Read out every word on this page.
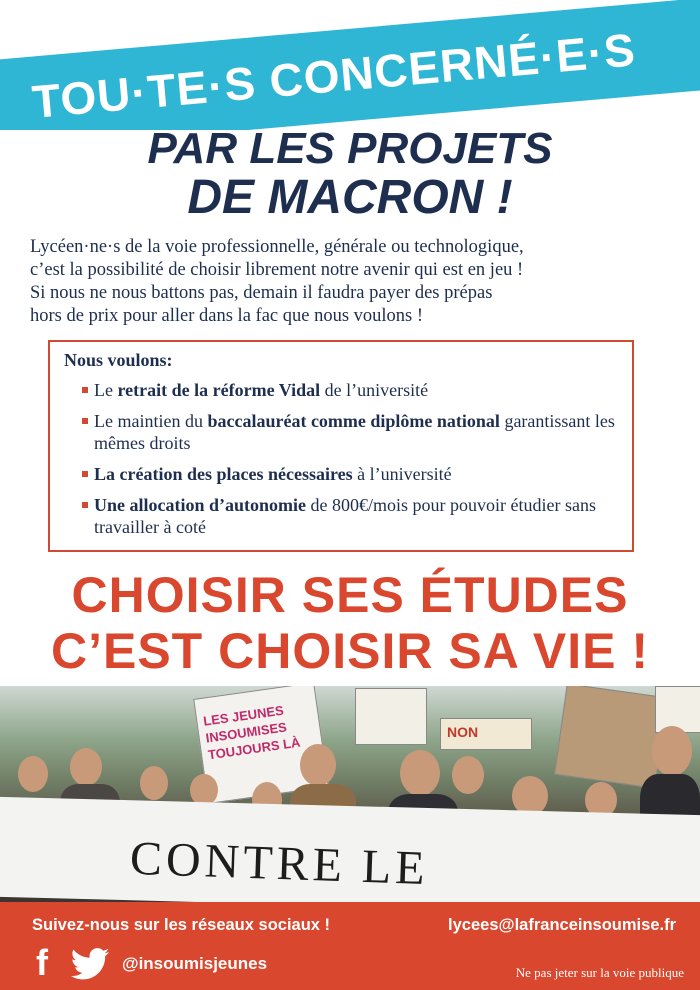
TOU·TE·S CONCERNÉ·E·S
PAR LES PROJETS
DE MACRON !

Lycéen·ne·s de la voie professionnelle, générale ou technologique,

c’est la possibilité de choisir librement notre avenir qui est en jeu !

Si nous ne nous battons pas, demain il faudra payer des prépas

hors de prix pour aller dans la fac que nous voulons !

Nous voulons:
Le retrait de la réforme Vidal de l’université
Le maintien du baccalauréat comme diplôme national garantissant les mêmes droits
La création des places nécessaires à l’université
Une allocation d’autonomie de 800€/mois pour pouvoir étudier sans travailler à coté
CHOISIR SES ÉTUDES
C’EST CHOISIR SA VIE !
LES JEUNES INSOUMISES TOUJOURS LÀ
NON
CONTRE LE
Suivez-nous sur les réseaux sociaux !	lycees@lafranceinsoumise.fr
f	@insoumisjeunes	Ne pas jeter sur la voie publique
